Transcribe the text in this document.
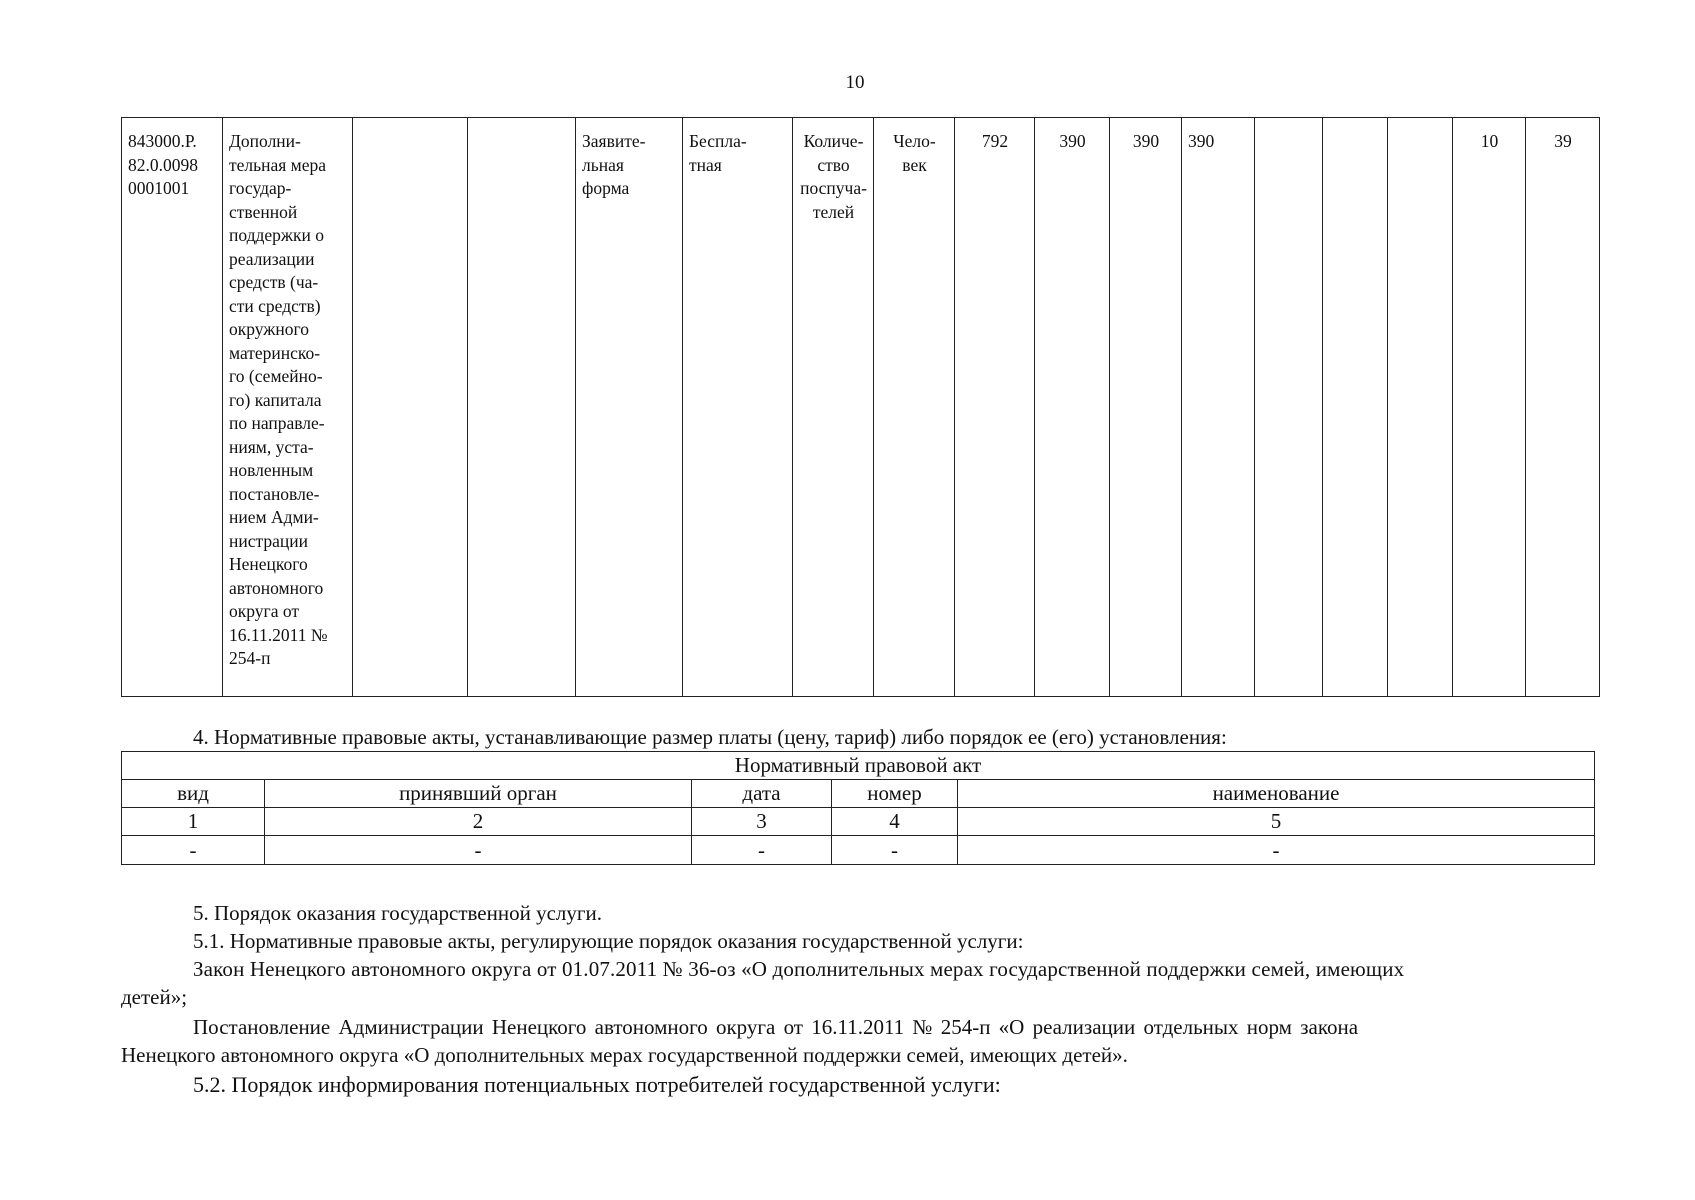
10
843000.Р.
82.0.0098
0001001	Дополни-
тельная мера
государ-
ственной
поддержки о
реализации
средств (ча-
сти средств)
окружного
материнско-
го (семейно-
го) капитала
по направле-
ниям, уста-
новленным
постановле-
нием Адми-
нистрации
Ненецкого
автономного
округа от
16.11.2011 №
254-п			Заявите-
льная
форма	Беспла-
тная	Количе-
ство
поспуча-
телей	Чело-
век	792	390	390	390				10	39
4. Нормативные правовые акты, устанавливающие размер платы (цену, тариф) либо порядок ее (его) установления:
Нормативный правовой акт				
вид	принявший орган	дата	номер	наименование
1	2	3	4	5
-	-	-	-	-
5. Порядок оказания государственной услуги.
5.1. Нормативные правовые акты, регулирующие порядок оказания государственной услуги:
Закон Ненецкого автономного округа от 01.07.2011 № 36-оз «О дополнительных мерах государственной поддержки семей, имеющих
детей»;
Постановление Администрации Ненецкого автономного округа от 16.11.2011 № 254-п «О реализации отдельных норм закона
Ненецкого автономного округа «О дополнительных мерах государственной поддержки семей, имеющих детей».
5.2. Порядок информирования потенциальных потребителей государственной услуги:
